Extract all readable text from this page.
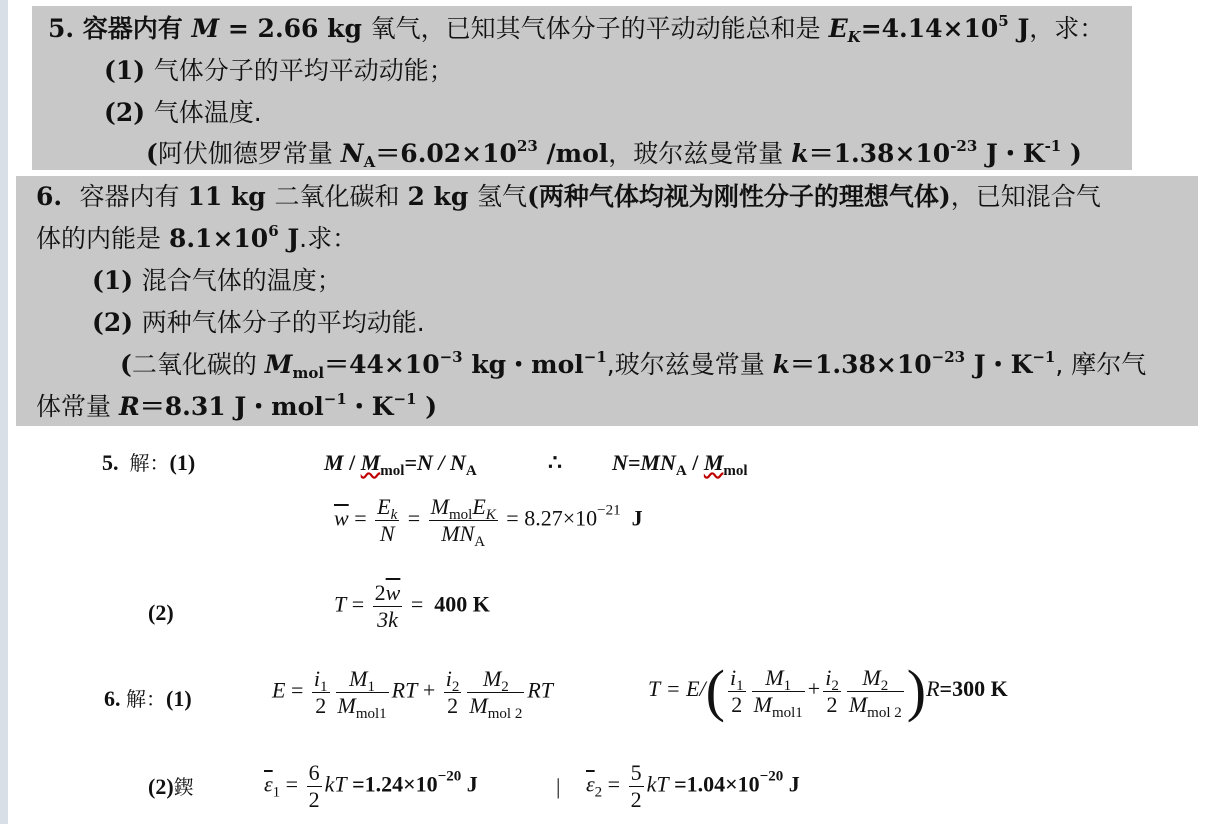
5. 容器内有 M = 2.66 kg 氧气，已知其气体分子的平动动能总和是 $E_K=4.14\times 10^5$ J，求：
(1) 气体分子的平均平动动能；
(2) 气体温度.
(阿伏伽德罗常量 $N_A=6.02\times 10^{23}$ /mol，玻尔兹曼常量 $k=1.38\times 10^{-23}$ J・$K^{-1}$ )
6.  容器内有 11 kg 二氧化碳和 2 kg 氢气(两种气体均视为刚性分子的理想气体)，已知混合气
体的内能是 $8.1\times 10^6$ J.求：
(1) 混合气体的温度；
(2) 两种气体分子的平均动能.
(二氧化碳的 $M_{mol}=44\times 10^{-3}$ kg・mol$^{-1}$,玻尔兹曼常量 $k=1.38\times 10^{-23}$ J・$K^{-1}$, 摩尔气
体常量 R＝8.31 J・mol$^{-1}$・$K^{-1}$ )
5. 解：(1)	$M / M_{mol}=N / N_A$	∴ $N=MN_A / M_{mol}$
$\overline{w} = \frac{E_k}{N} = \frac{M_{mol}E_K}{MN_A} = 8.27\times 10^{-21}$ J
(2)	$T = \frac{2\overline{w}}{3k} = 400$ K
6. 解：(1)	$E = \frac{i_1}{2} \frac{M_1}{M_{mol1}}$ RT + $\frac{i_2}{2} \frac{M_2}{M_{mol 2}}$ RT	$T = E/( \frac{i_1}{2} \frac{M_1}{M_{mol1}} + \frac{i_2}{2} \frac{M_2}{M_{mol 2}} )R=300$ K
(2)鍥	$\overline{\varepsilon}_1 = \frac{6}{2}$ kT $=1.24\times 10^{-20}$ J	| $\overline{\varepsilon}_2 = \frac{5}{2}$ kT $=1.04\times 10^{-20}$ J
